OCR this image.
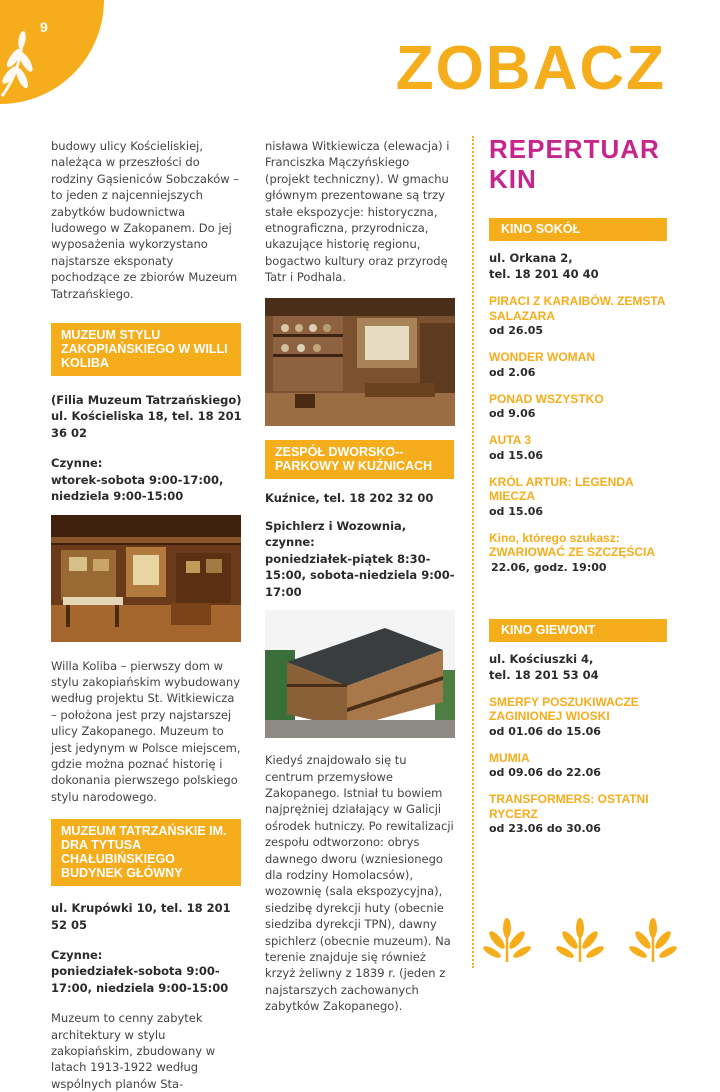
9
ZOBACZ

budowy ulicy Kościeliskiej, należąca w przeszłości do rodziny Gąsieniców Sobczaków – to jeden z najcenniejszych zabytków budownictwa ludowego w Zakopanem. Do jej wyposażenia wykorzystano najstarsze eksponaty pochodzące ze zbiorów Muzeum Tatrzańskiego.

MUZEUM STYLU ZAKOPIAŃSKIEGO W WILLI KOLIBA

(Filia Muzeum Tatrzańskiego)

ul. Kościeliska 18, tel. 18 201 36 02

Czynne:

wtorek-sobota 9:00-17:00, niedziela 9:00-15:00

Willa Koliba – pierwszy dom w stylu zakopiańskim wybudowany według projektu St. Witkiewicza – położona jest przy najstarszej ulicy Zakopanego. Muzeum to jest jedynym w Polsce miejscem, gdzie można poznać historię i dokonania pierwszego polskiego stylu narodowego.

MUZEUM TATRZAŃSKIE IM. DRA TYTUSA CHAŁUBIŃSKIEGO BUDYNEK GŁÓWNY

ul. Krupówki 10, tel. 18 201 52 05

Czynne:

poniedziałek-sobota 9:00-17:00, niedziela 9:00-15:00

Muzeum to cenny zabytek architektury w stylu zakopiańskim, zbudowany w latach 1913-1922 według wspólnych planów Sta-

nisława Witkiewicza (elewacja) i Franciszka Mączyńskiego (projekt techniczny). W gmachu głównym prezentowane są trzy stałe ekspozycje: historyczna, etnograficzna, przyrodnicza, ukazujące historię regionu, bogactwo kultury oraz przyrodę Tatr i Podhala.

ZESPÓŁ DWORSKO--PARKOWY W KUŹNICACH

Kuźnice, tel. 18 202 32 00

Spichlerz i Wozownia, czynne:

poniedziałek-piątek 8:30-15:00, sobota-niedziela 9:00-17:00

Kiedyś znajdowało się tu centrum przemysłowe Zakopanego. Istniał tu bowiem najprężniej działający w Galicji ośrodek hutniczy. Po rewitalizacji zespołu odtworzono: obrys dawnego dworu (wzniesionego dla rodziny Homolacsów), wozownię (sala ekspozycyjna), siedzibę dyrekcji huty (obecnie siedziba dyrekcji TPN), dawny spichlerz (obecnie muzeum). Na terenie znajduje się również krzyż żeliwny z 1839 r. (jeden z najstarszych zachowanych zabytków Zakopanego).

REPERTUAR
KIN
KINO SOKÓŁ

ul. Orkana 2,

tel. 18 201 40 40

PIRACI Z KARAIBÓW. ZEMSTA SALAZARA
od 26.05
WONDER WOMAN
od 2.06
PONAD WSZYSTKO
od 9.06
AUTA 3
od 15.06
KRÓL ARTUR: LEGENDA MIECZA
od 15.06
Kino, którego szukasz:
ZWARIOWAĆ ZE SZCZĘŚCIA
22.06, godz. 19:00
KINO GIEWONT

ul. Kościuszki 4,

tel. 18 201 53 04

SMERFY POSZUKIWACZE ZAGINIONEJ WIOSKI
od 01.06 do 15.06
MUMIA
od 09.06 do 22.06
TRANSFORMERS: OSTATNI RYCERZ
od 23.06 do 30.06
